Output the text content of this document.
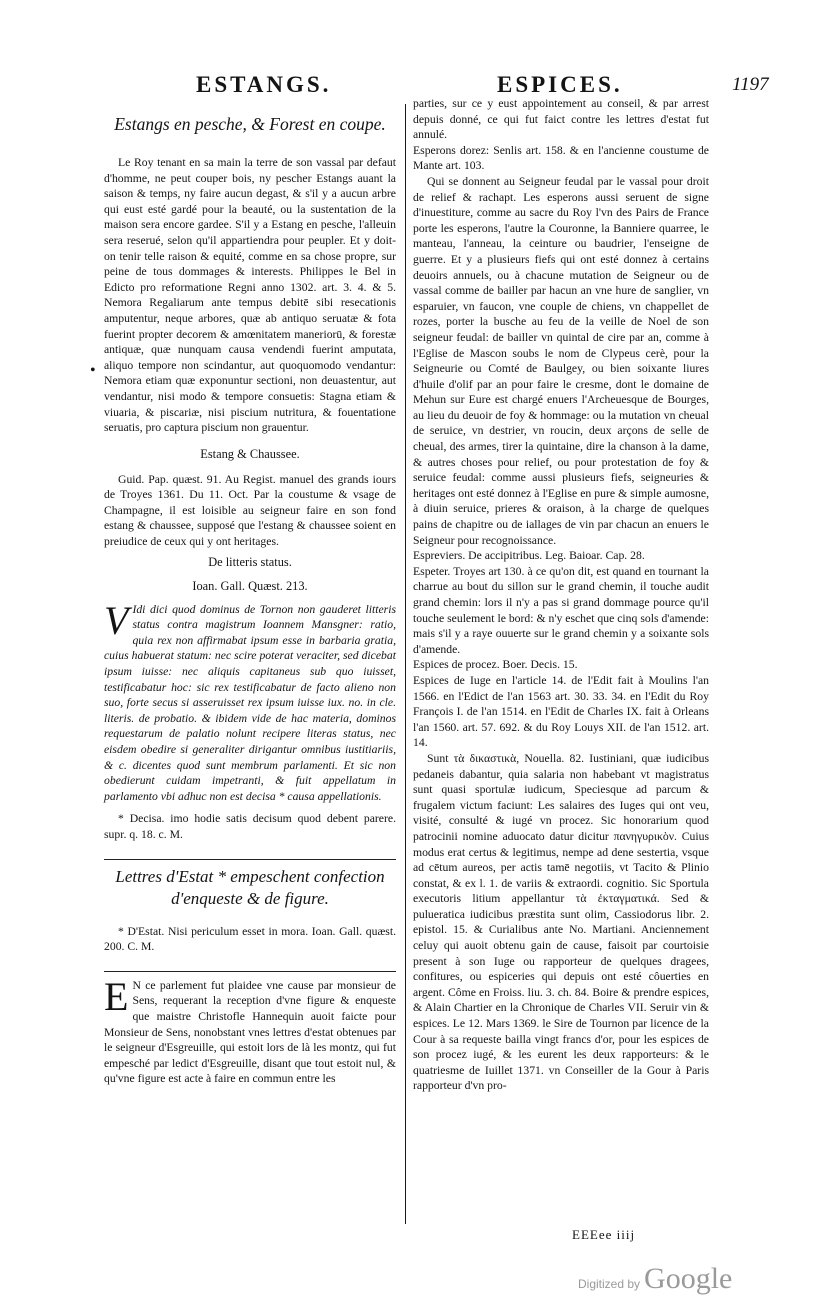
ESTANGS.	ESPICES.	1197
•
Estangs en pesche, & Forest en coupe.

Le Roy tenant en sa main la terre de son vassal par defaut d'homme, ne peut couper bois, ny pescher Estangs auant la saison & temps, ny faire aucun degast, & s'il y a aucun arbre qui eust esté gardé pour la beauté, ou la sustentation de la maison sera encore gardee. S'il y a Estang en pesche, l'alleuin sera reserué, selon qu'il appartiendra pour peupler. Et y doit-on tenir telle raison & equité, comme en sa chose propre, sur peine de tous dommages & interests. Philippes le Bel in Edicto pro reformatione Regni anno 1302. art. 3. 4. & 5. Nemora Regaliarum ante tempus debitē sibi resecationis amputentur, neque arbores, quæ ab antiquo seruatæ & fota fuerint propter decorem & amœnitatem maneriorū, & forestæ antiquæ, quæ nunquam causa vendendi fuerint amputata, aliquo tempore non scindantur, aut quoquomodo vendantur: Nemora etiam quæ exponuntur sectioni, non deuastentur, aut vendantur, nisi modo & tempore consuetis: Stagna etiam & viuaria, & piscariæ, nisi piscium nutritura, & fouentatione seruatis, pro captura piscium non grauentur.

Estang & Chaussee.

Guid. Pap. quæst. 91. Au Regist. manuel des grands iours de Troyes 1361. Du 11. Oct. Par la coustume & vsage de Champagne, il est loisible au seigneur faire en son fond estang & chaussee, supposé que l'estang & chaussee soient en preiudice de ceux qui y ont heritages.

De litteris status.
Ioan. Gall. Quæst. 213.

V Idi dici quod dominus de Tornon non gauderet litteris status contra magistrum Ioannem Mansgner: ratio, quia rex non affirmabat ipsum esse in barbaria gratia, cuius habuerat statum: nec scire poterat veraciter, sed dicebat ipsum iuisse: nec aliquis capitaneus sub quo iuisset, testificabatur hoc: sic rex testificabatur de facto alieno non suo, forte secus si asseruisset rex ipsum iuisse iux. no. in cle. literis. de probatio. & ibidem vide de hac materia, dominos requestarum de palatio nolunt recipere literas status, nec eisdem obedire si generaliter dirigantur omnibus iustitiariis, & c. dicentes quod sunt membrum parlamenti. Et sic non obedierunt cuidam impetranti, & fuit appellatum in parlamento vbi adhuc non est decisa * causa appellationis.

* Decisa. imo hodie satis decisum quod debent parere. supr. q. 18. c. M.

Lettres d'Estat * empeschent confection d'enqueste & de figure.

* D'Estat. Nisi periculum esset in mora. Ioan. Gall. quæst. 200. C. M.

E N ce parlement fut plaidee vne cause par monsieur de Sens, requerant la reception d'vne figure & enqueste que maistre Christofle Hannequin auoit faicte pour Monsieur de Sens, nonobstant vnes lettres d'estat obtenues par le seigneur d'Esgreuille, qui estoit lors de là les montz, qui fut empesché par ledict d'Esgreuille, disant que tout estoit nul, & qu'vne figure est acte à faire en commun entre les

parties, sur ce y eust appointement au conseil, & par arrest depuis donné, ce qui fut faict contre les lettres d'estat fut annulé.

Esperons dorez: Senlis art. 158. & en l'ancienne coustume de Mante art. 103.

Qui se donnent au Seigneur feudal par le vassal pour droit de relief & rachapt. Les esperons aussi seruent de signe d'inuestiture, comme au sacre du Roy l'vn des Pairs de France porte les esperons, l'autre la Couronne, la Banniere quarree, le manteau, l'anneau, la ceinture ou baudrier, l'enseigne de guerre. Et y a plusieurs fiefs qui ont esté donnez à certains deuoirs annuels, ou à chacune mutation de Seigneur ou de vassal comme de bailler par hacun an vne hure de sanglier, vn esparuier, vn faucon, vne couple de chiens, vn chappellet de rozes, porter la busche au feu de la veille de Noel de son seigneur feudal: de bailler vn quintal de cire par an, comme à l'Eglise de Mascon soubs le nom de Clypeus cerè, pour la Seigneurie ou Comté de Baulgey, ou bien soixante liures d'huile d'olif par an pour faire le cresme, dont le domaine de Mehun sur Eure est chargé enuers l'Archeuesque de Bourges, au lieu du deuoir de foy & hommage: ou la mutation vn cheual de seruice, vn destrier, vn roucin, deux arçons de selle de cheual, des armes, tirer la quintaine, dire la chanson à la dame, & autres choses pour relief, ou pour protestation de foy & seruice feudal: comme aussi plusieurs fiefs, seigneuries & heritages ont esté donnez à l'Eglise en pure & simple aumosne, à diuin seruice, prieres & oraison, à la charge de quelques pains de chapitre ou de iallages de vin par chacun an enuers le Seigneur pour recognoissance.

Espreviers. De accipitribus. Leg. Baioar. Cap. 28.

Espeter. Troyes art 130. à ce qu'on dit, est quand en tournant la charrue au bout du sillon sur le grand chemin, il touche audit grand chemin: lors il n'y a pas si grand dommage pource qu'il touche seulement le bord: & n'y eschet que cinq sols d'amende: mais s'il y a raye ouuerte sur le grand chemin y a soixante sols d'amende.

Espices de procez. Boer. Decis. 15.

Espices de Iuge en l'article 14. de l'Edit fait à Moulins l'an 1566. en l'Edict de l'an 1563 art. 30. 33. 34. en l'Edit du Roy François I. de l'an 1514. en l'Edit de Charles IX. fait à Orleans l'an 1560. art. 57. 692. & du Roy Louys XII. de l'an 1512. art. 14.

Sunt τὰ δικαστικὰ, Nouella. 82. Iustiniani, quæ iudicibus pedaneis dabantur, quia salaria non habebant vt magistratus sunt quasi sportulæ iudicum, Speciesque ad parcum & frugalem victum faciunt: Les salaires des Iuges qui ont veu, visité, consulté & iugé vn procez. Sic honorarium quod patrocinii nomine aduocato datur dicitur πανηγυρικὸν. Cuius modus erat certus & legitimus, nempe ad dene sestertia, vsque ad cētum aureos, per actis tamē negotiis, vt Tacito & Plinio constat, & ex l. 1. de variis & extraordi. cognitio. Sic Sportula executoris litium appellantur τὰ ἐκταγματικά. Sed & pulueratica iudicibus præstita sunt olim, Cassiodorus libr. 2. epistol. 15. & Curialibus ante No. Martiani. Anciennement celuy qui auoit obtenu gain de cause, faisoit par courtoisie present à son Iuge ou rapporteur de quelques dragees, confitures, ou espiceries qui depuis ont esté côuerties en argent. Côme en Froiss. liu. 3. ch. 84. Boire & prendre espices, & Alain Chartier en la Chronique de Charles VII. Seruir vin & espices. Le 12. Mars 1369. le Sire de Tournon par licence de la Cour à sa requeste bailla vingt francs d'or, pour les espices de son procez iugé, & les eurent les deux rapporteurs: & le quatriesme de Iuillet 1371. vn Conseiller de la Gour à Paris rapporteur d'vn pro-

EEEee iiij
Digitized by Google
